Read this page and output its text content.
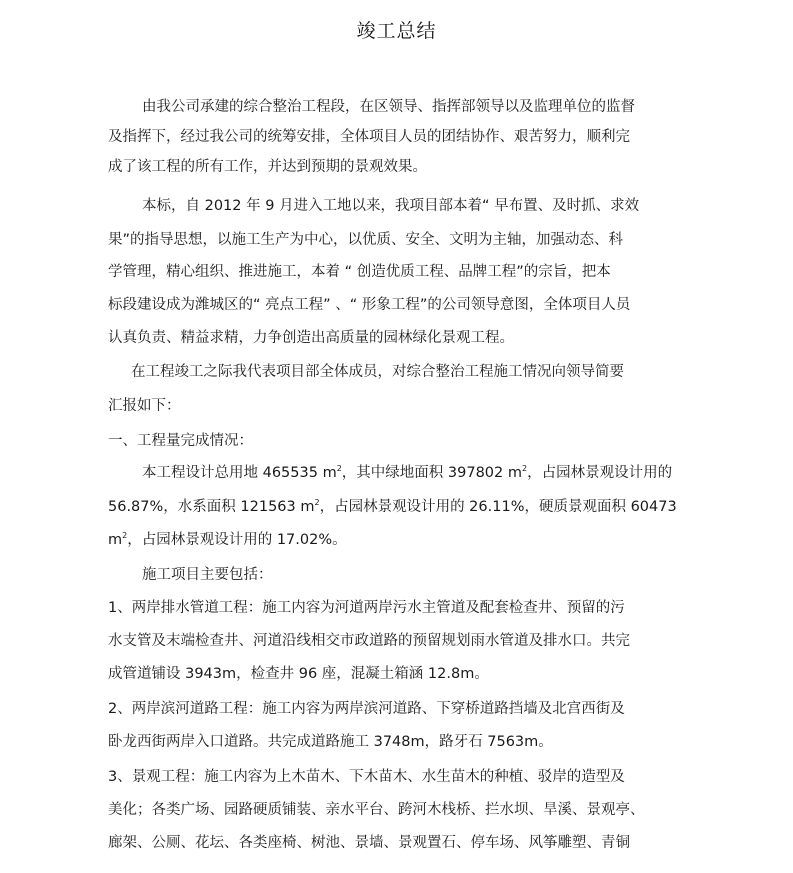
竣工总结
由我公司承建的综合整治工程段，在区领导、指挥部领导以及监理单位的监督
及指挥下，经过我公司的统筹安排，全体项目人员的团结协作、艰苦努力，顺利完
成了该工程的所有工作，并达到预期的景观效果。
本标，自 2012 年 9 月进入工地以来，我项目部本着“ 早布置、及时抓、求效
果”的指导思想，以施工生产为中心，以优质、安全、文明为主轴，加强动态、科
学管理，精心组织、推进施工，本着 “ 创造优质工程、品牌工程”的宗旨，把本
标段建设成为潍城区的“ 亮点工程” 、“ 形象工程”的公司领导意图，全体项目人员
认真负责、精益求精，力争创造出高质量的园林绿化景观工程。
在工程竣工之际我代表项目部全体成员，对综合整治工程施工情况向领导简要
汇报如下：
一、工程量完成情况：
本工程设计总用地 465535 $m^2$，其中绿地面积 397802 $m^2$，占园林景观设计用的
56.87%，水系面积 121563 $m^2$，占园林景观设计用的 26.11%，硬质景观面积 60473
$m^2$，占园林景观设计用的 17.02%。
施工项目主要包括：
1、两岸排水管道工程：施工内容为河道两岸污水主管道及配套检查井、预留的污
水支管及末端检查井、河道沿线相交市政道路的预留规划雨水管道及排水口。共完
成管道铺设 3943m，检查井 96 座，混凝土箱涵 12.8m。
2、两岸滨河道路工程：施工内容为两岸滨河道路、下穿桥道路挡墙及北宫西街及
卧龙西街两岸入口道路。共完成道路施工 3748m，路牙石 7563m。
3、景观工程：施工内容为上木苗木、下木苗木、水生苗木的种植、驳岸的造型及
美化；各类广场、园路硬质铺装、亲水平台、跨河木栈桥、拦水坝、旱溪、景观亭、
廊架、公厕、花坛、各类座椅、树池、景墙、景观置石、停车场、风筝雕塑、青铜
